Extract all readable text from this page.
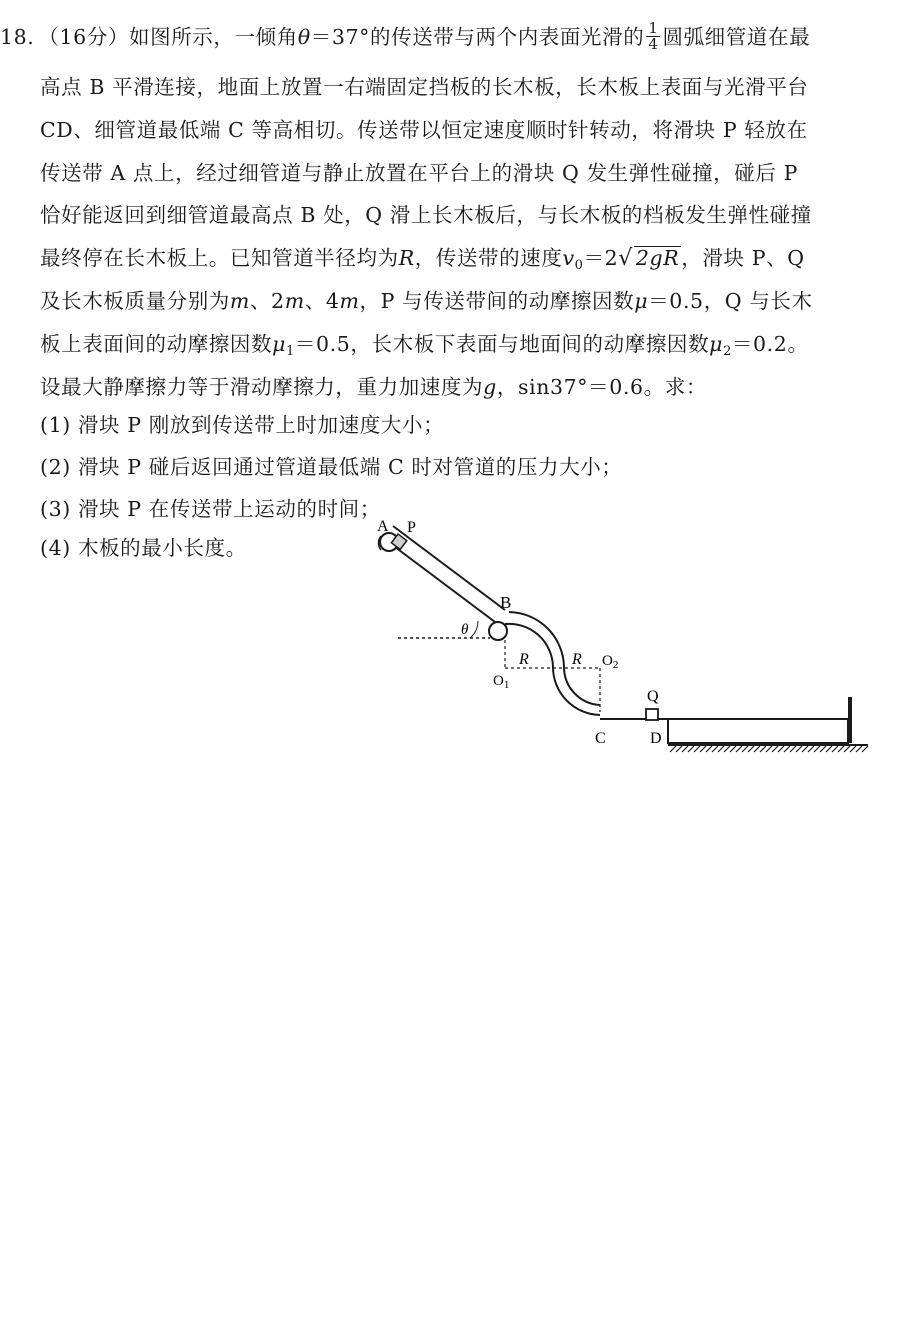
18. （16分）如图所示，一倾角θ＝37°的传送带与两个内表面光滑的 $\frac{1}{4}$ 圆弧细管道在最
高点 B 平滑连接，地面上放置一右端固定挡板的长木板，长木板上表面与光滑平台
CD、细管道最低端 C 等高相切。传送带以恒定速度顺时针转动，将滑块 P 轻放在
传送带 A 点上，经过细管道与静止放置在平台上的滑块 Q 发生弹性碰撞，碰后 P
恰好能返回到细管道最高点 B 处，Q 滑上长木板后，与长木板的档板发生弹性碰撞
最终停在长木板上。已知管道半径均为R，传送带的速度$v_0=2√$ 2gR，滑块 P、Q
及长木板质量分别为m、2m、4m，P 与传送带间的动摩擦因数μ＝0.5，Q 与长木
板上表面间的动摩擦因数$\mu_1=0.5$，长木板下表面与地面间的动摩擦因数$\mu_2=0.2$。
设最大静摩擦力等于滑动摩擦力，重力加速度为g，sin37°＝0.6。求：
(1) 滑块 P 刚放到传送带上时加速度大小；
(2) 滑块 P 碰后返回通过管道最低端 C 时对管道的压力大小；
(3) 滑块 P 在传送带上运动的时间；
(4) 木板的最小长度。
A P
B
θ
R	R
$O_1$
$O_2$
Q
C	D
